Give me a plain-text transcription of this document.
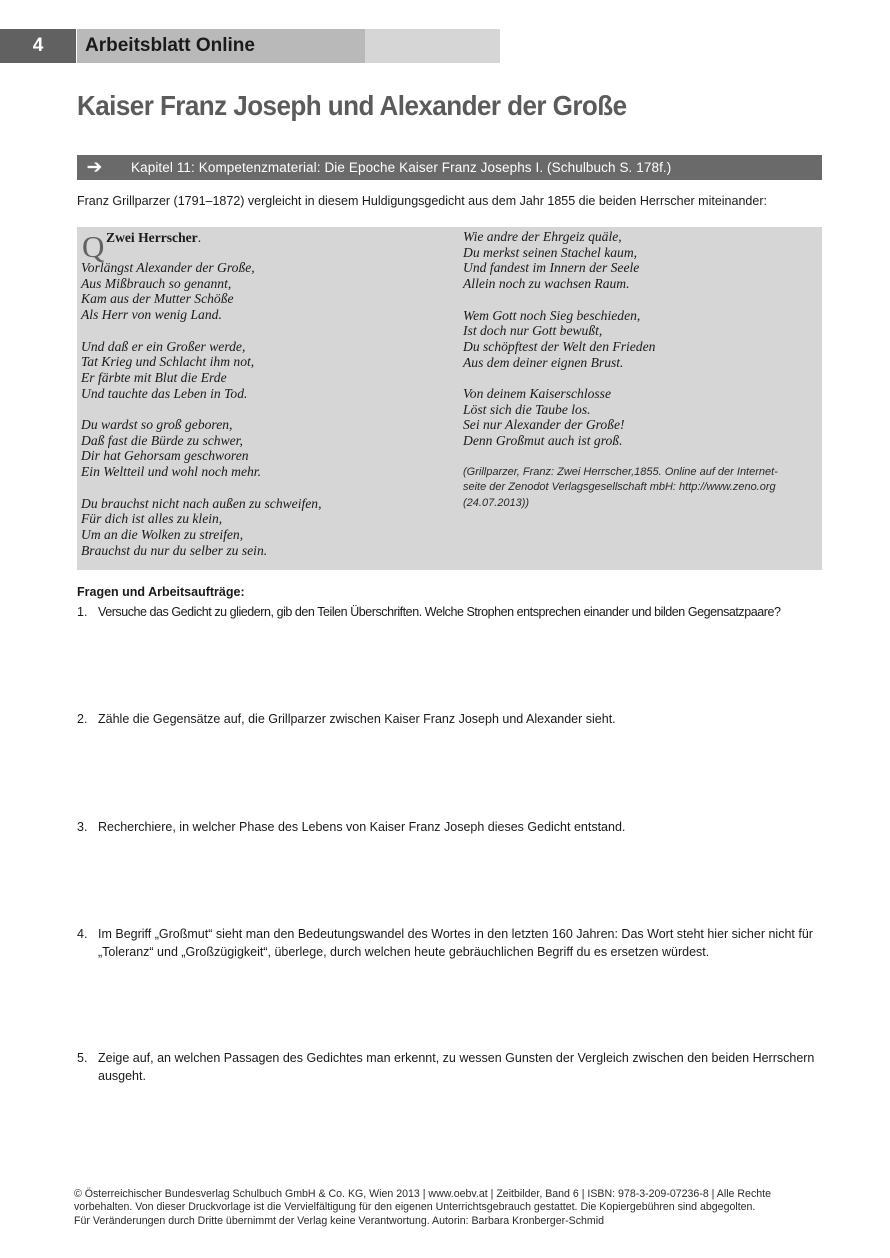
4	Arbeitsblatt Online
Kaiser Franz Joseph und Alexander der Große
➔	Kapitel 11: Kompetenzmaterial: Die Epoche Kaiser Franz Josephs I. (Schulbuch S. 178f.)

Franz Grillparzer (1791–1872) vergleicht in diesem Huldigungsgedicht aus dem Jahr 1855 die beiden Herrscher miteinander:

Q Zwei Herrscher.
Vorlängst Alexander der Große,
Aus Mißbrauch so genannt,
Kam aus der Mutter Schöße
Als Herr von wenig Land.
Und daß er ein Großer werde,
Tat Krieg und Schlacht ihm not,
Er färbte mit Blut die Erde
Und tauchte das Leben in Tod.
Du wardst so groß geboren,
Daß fast die Bürde zu schwer,
Dir hat Gehorsam geschworen
Ein Weltteil und wohl noch mehr.
Du brauchst nicht nach außen zu schweifen,
Für dich ist alles zu klein,
Um an die Wolken zu streifen,
Brauchst du nur du selber zu sein.
Wie andre der Ehrgeiz quäle,
Du merkst seinen Stachel kaum,
Und fandest im Innern der Seele
Allein noch zu wachsen Raum.
Wem Gott noch Sieg beschieden,
Ist doch nur Gott bewußt,
Du schöpftest der Welt den Frieden
Aus dem deiner eignen Brust.
Von deinem Kaiserschlosse
Löst sich die Taube los.
Sei nur Alexander der Große!
Denn Großmut auch ist groß.
(Grillparzer, Franz: Zwei Herrscher,1855. Online auf der Internet-
seite der Zenodot Verlagsgesellschaft mbH: http://www.zeno.org
(24.07.2013))
Fragen und Arbeitsaufträge:
1. Versuche das Gedicht zu gliedern, gib den Teilen Überschriften. Welche Strophen entsprechen einander und bilden Gegensatzpaare?
2. Zähle die Gegensätze auf, die Grillparzer zwischen Kaiser Franz Joseph und Alexander sieht.
3. Recherchiere, in welcher Phase des Lebens von Kaiser Franz Joseph dieses Gedicht entstand.
4. Im Begriff „Großmut“ sieht man den Bedeutungswandel des Wortes in den letzten 160 Jahren: Das Wort steht hier sicher nicht für „Toleranz“ und „Großzügigkeit“, überlege, durch welchen heute gebräuchlichen Begriff du es ersetzen würdest.
5. Zeige auf, an welchen Passagen des Gedichtes man erkennt, zu wessen Gunsten der Vergleich zwischen den beiden Herrschern ausgeht.
© Österreichischer Bundesverlag Schulbuch GmbH & Co. KG, Wien 2013 | www.oebv.at | Zeitbilder, Band 6 | ISBN: 978-3-209-07236-8 | Alle Rechte
vorbehalten. Von dieser Druckvorlage ist die Vervielfältigung für den eigenen Unterrichtsgebrauch gestattet. Die Kopiergebühren sind abgegolten.
Für Veränderungen durch Dritte übernimmt der Verlag keine Verantwortung. Autorin: Barbara Kronberger-Schmid
